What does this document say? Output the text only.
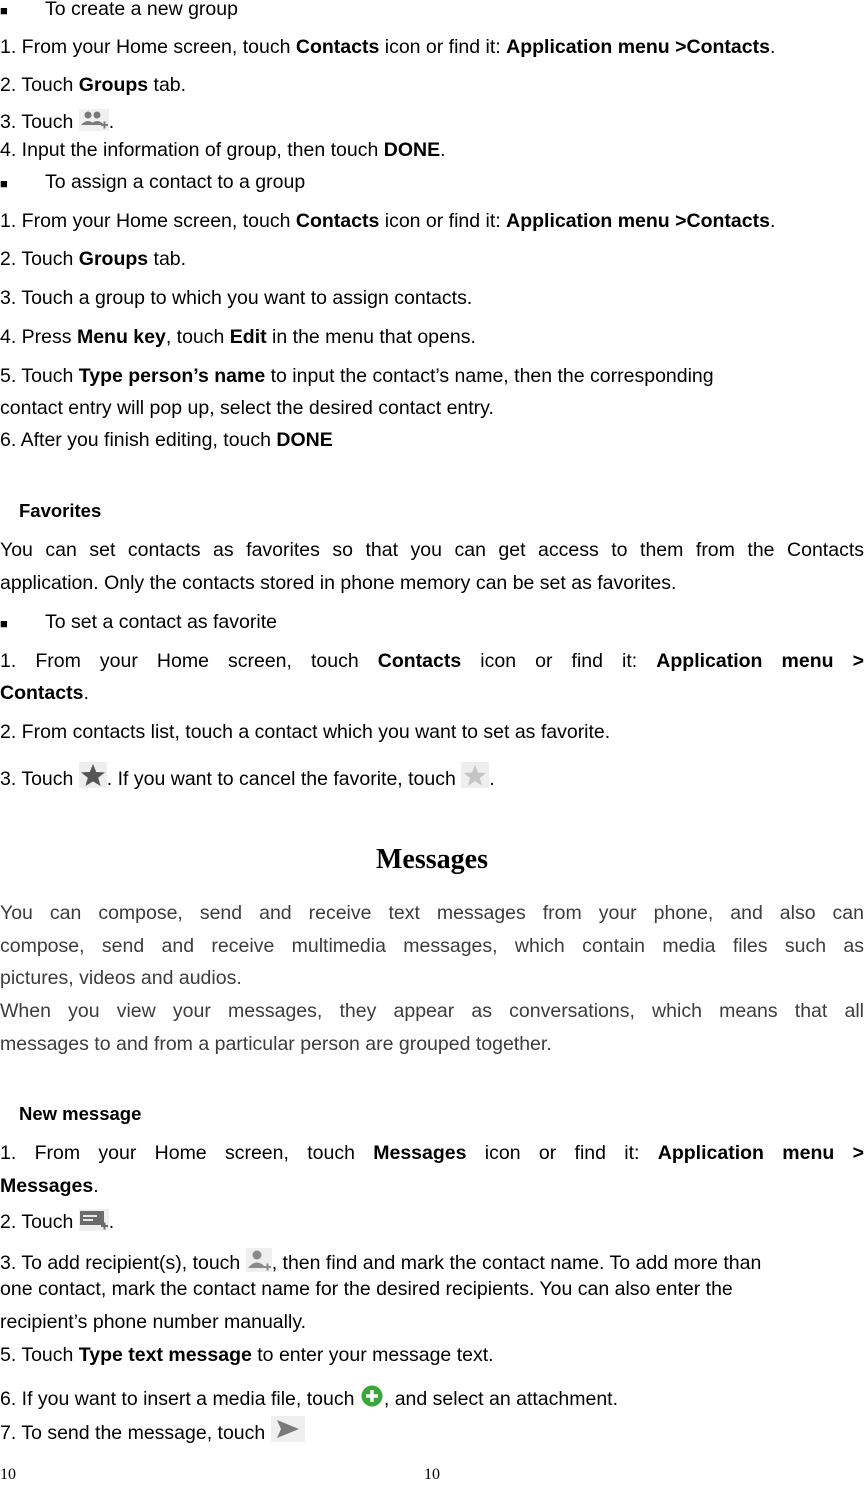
■ To create a new group
1. From your Home screen, touch Contacts icon or find it: Application menu >Contacts.
2. Touch Groups tab.
3. Touch
.
4. Input the information of group, then touch DONE.
■ To assign a contact to a group
1. From your Home screen, touch Contacts icon or find it: Application menu >Contacts.
2. Touch Groups tab.
3. Touch a group to which you want to assign contacts.
4. Press Menu key, touch Edit in the menu that opens.
5. Touch Type person’s name to input the contact’s name, then the corresponding
contact entry will pop up, select the desired contact entry.
6. After you finish editing, touch DONE
Favorites
You can set contacts as favorites so that you can get access to them from the Contacts
application. Only the contacts stored in phone memory can be set as favorites.
■ To set a contact as favorite
1. From your Home screen, touch Contacts icon or find it: Application menu >
Contacts.
2. From contacts list, touch a contact which you want to set as favorite.
3. Touch . If you want to cancel the favorite, touch .
Messages
You can compose, send and receive text messages from your phone, and also can
compose, send and receive multimedia messages, which contain media files such as
pictures, videos and audios.
When you view your messages, they appear as conversations, which means that all
messages to and from a particular person are grouped together.
New message
1. From your Home screen, touch Messages icon or find it: Application menu >
Messages.
2. Touch .
3. To add recipient(s), touch , then find and mark the contact name. To add more than
one contact, mark the contact name for the desired recipients. You can also enter the
recipient’s phone number manually.
5. Touch Type text message to enter your message text.
6. If you want to insert a media file, touch , and select an attachment.
7. To send the message, touch
10	10
